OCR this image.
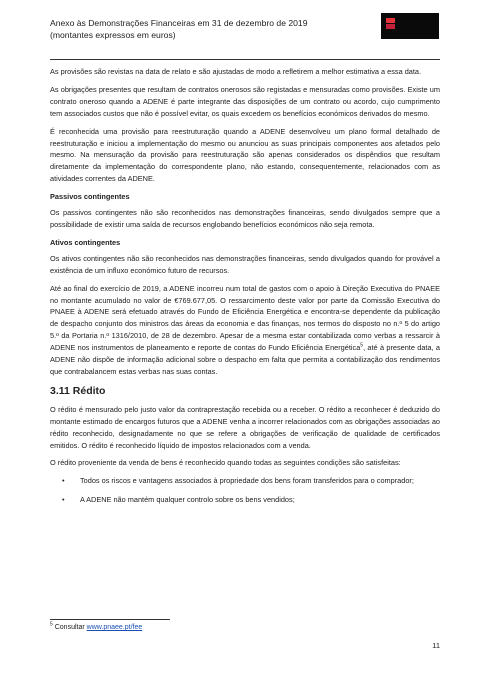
Anexo às Demonstrações Financeiras em 31 de dezembro de 2019
(montantes expressos em euros)

As provisões são revistas na data de relato e são ajustadas de modo a refletirem a melhor estimativa a essa data.

As obrigações presentes que resultam de contratos onerosos são registadas e mensuradas como provisões. Existe um contrato oneroso quando a ADENE é parte integrante das disposições de um contrato ou acordo, cujo cumprimento tem associados custos que não é possível evitar, os quais excedem os benefícios económicos derivados do mesmo.

É reconhecida uma provisão para reestruturação quando a ADENE desenvolveu um plano formal detalhado de reestruturação e iniciou a implementação do mesmo ou anunciou as suas principais componentes aos afetados pelo mesmo. Na mensuração da provisão para reestruturação são apenas considerados os dispêndios que resultam diretamente da implementação do correspondente plano, não estando, consequentemente, relacionados com as atividades correntes da ADENE.

Passivos contingentes

Os passivos contingentes não são reconhecidos nas demonstrações financeiras, sendo divulgados sempre que a possibilidade de existir uma saída de recursos englobando benefícios económicos não seja remota.

Ativos contingentes

Os ativos contingentes não são reconhecidos nas demonstrações financeiras, sendo divulgados quando for provável a existência de um influxo económico futuro de recursos.

Até ao final do exercício de 2019, a ADENE incorreu num total de gastos com o apoio à Direção Executiva do PNAEE no montante acumulado no valor de €769.677,05. O ressarcimento deste valor por parte da Comissão Executiva do PNAEE à ADENE será efetuado através do Fundo de Eficiência Energética e encontra-se dependente da publicação de despacho conjunto dos ministros das áreas da economia e das finanças, nos termos do disposto no n.º 5 do artigo 5.º da Portaria n.º 1316/2010, de 28 de dezembro. Apesar de a mesma estar contabilizada como verbas a ressarcir à ADENE nos instrumentos de planeamento e reporte de contas do Fundo Eficiência Energética$^5$, até à presente data, a ADENE não dispõe de informação adicional sobre o despacho em falta que permita a contabilização dos rendimentos que contrabalancem estas verbas nas suas contas.

3.11 Rédito

O rédito é mensurado pelo justo valor da contraprestação recebida ou a receber. O rédito a reconhecer é deduzido do montante estimado de encargos futuros que a ADENE venha a incorrer relacionados com as obrigações associadas ao rédito reconhecido, designadamente no que se refere a obrigações de verificação de qualidade de certificados emitidos. O rédito é reconhecido líquido de impostos relacionados com a venda.

O rédito proveniente da venda de bens é reconhecido quando todas as seguintes condições são satisfeitas:

• Todos os riscos e vantagens associados à propriedade dos bens foram transferidos para o comprador;
• A ADENE não mantém qualquer controlo sobre os bens vendidos;
$^5$ Consultar www.pnaee.pt/fee
11
